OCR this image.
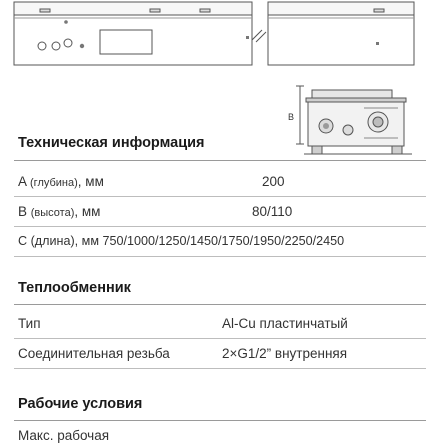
B
Техническая информация
A (глубина), мм	200
B (высота), мм	80/110
C (длина), мм 750/1000/1250/1450/1750/1950/2250/2450
Теплообменник
Тип	Al-Cu пластинчатый
Соединительная резьба	2×G1/2” внутренняя
Рабочие условия
Макс. рабочая
